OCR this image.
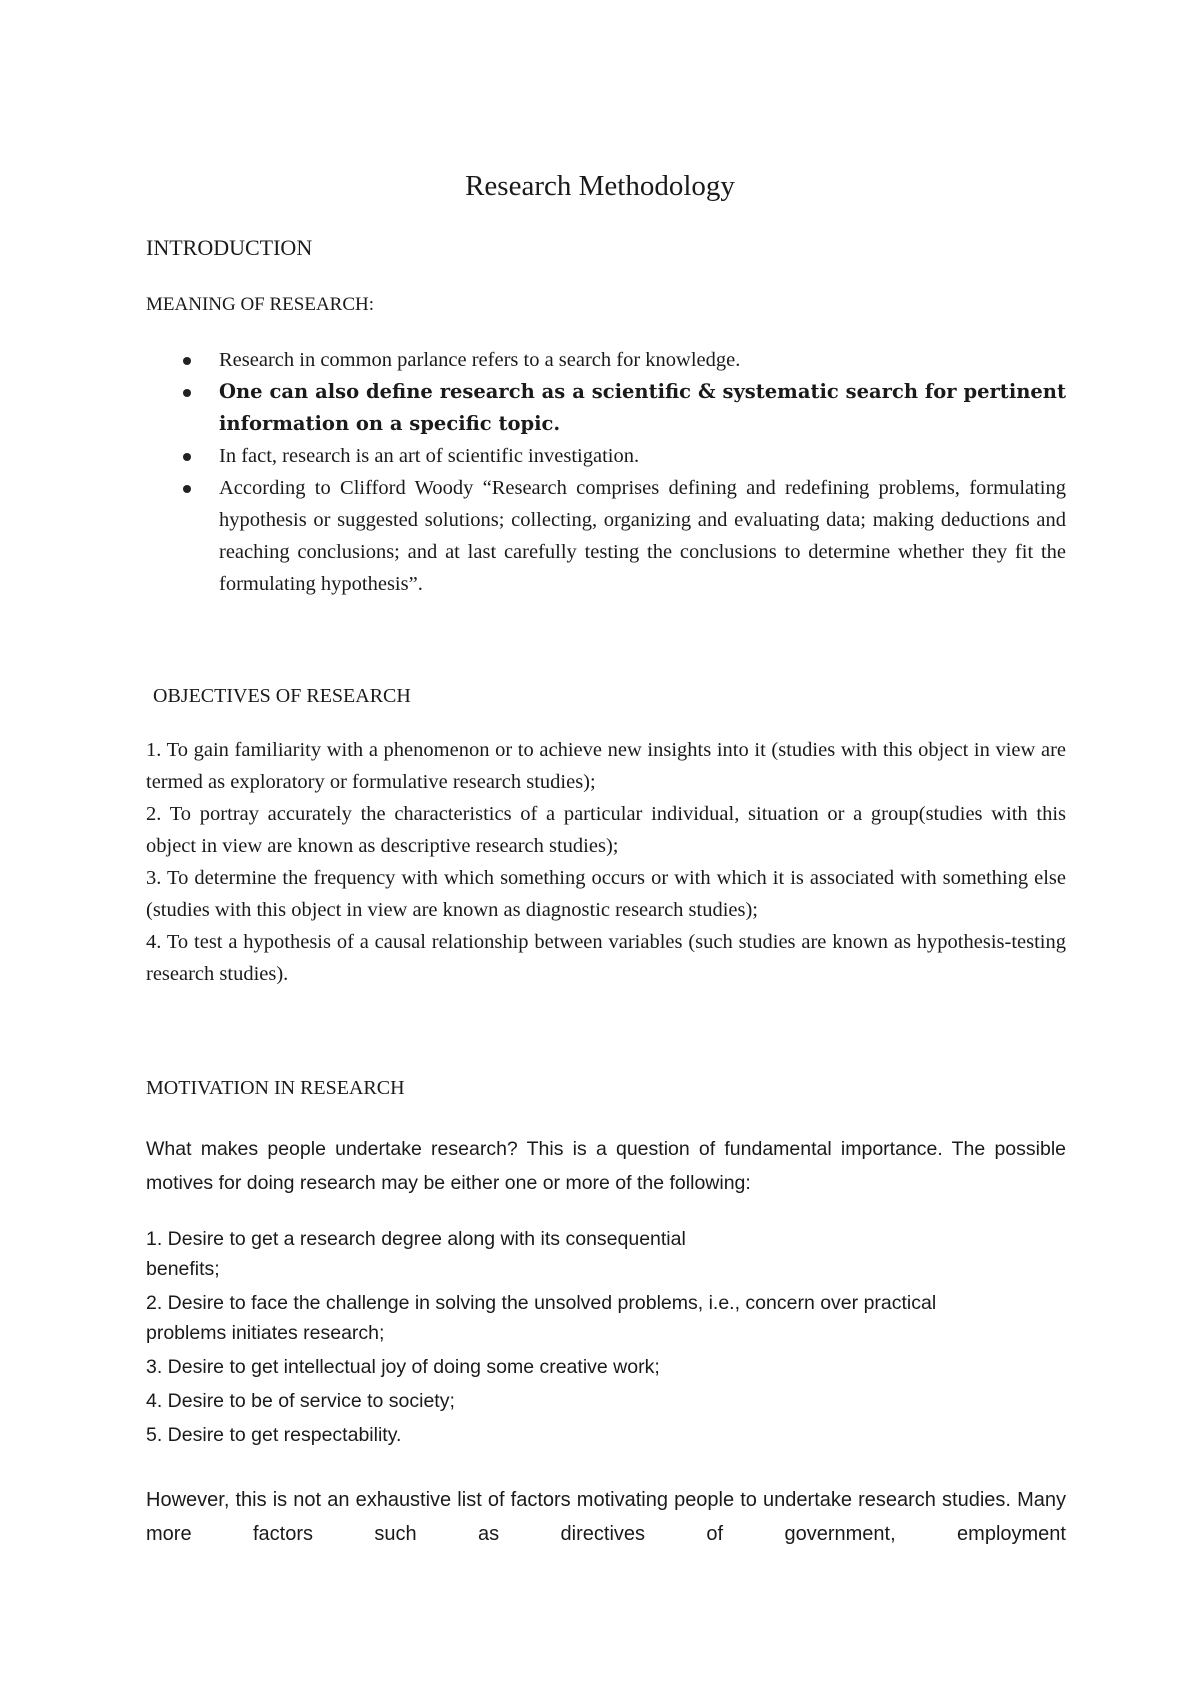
Research Methodology
INTRODUCTION
MEANING OF RESEARCH:
Research in common parlance refers to a search for knowledge.
One can also define research as a scientific & systematic search for pertinent information on a specific topic.
In fact, research is an art of scientific investigation.
According to Clifford Woody “Research comprises defining and redefining problems, formulating hypothesis or suggested solutions; collecting, organizing and evaluating data; making deductions and reaching conclusions; and at last carefully testing the conclusions to determine whether they fit the formulating hypothesis”.
OBJECTIVES OF RESEARCH

1. To gain familiarity with a phenomenon or to achieve new insights into it (studies with this object in view are termed as exploratory or formulative research studies);

2. To portray accurately the characteristics of a particular individual, situation or a group(studies with this object in view are known as descriptive research studies);

3. To determine the frequency with which something occurs or with which it is associated with something else (studies with this object in view are known as diagnostic research studies);

4. To test a hypothesis of a causal relationship between variables (such studies are known as hypothesis-testing research studies).

MOTIVATION IN RESEARCH

What makes people undertake research? This is a question of fundamental importance. The possible motives for doing research may be either one or more of the following:

1. Desire to get a research degree along with its consequential benefits;
2. Desire to face the challenge in solving the unsolved problems, i.e., concern over practical problems initiates research;
3. Desire to get intellectual joy of doing some creative work;
4. Desire to be of service to society;
5. Desire to get respectability.

However, this is not an exhaustive list of factors motivating people to undertake research studies. Many more factors such as directives of government, employment
